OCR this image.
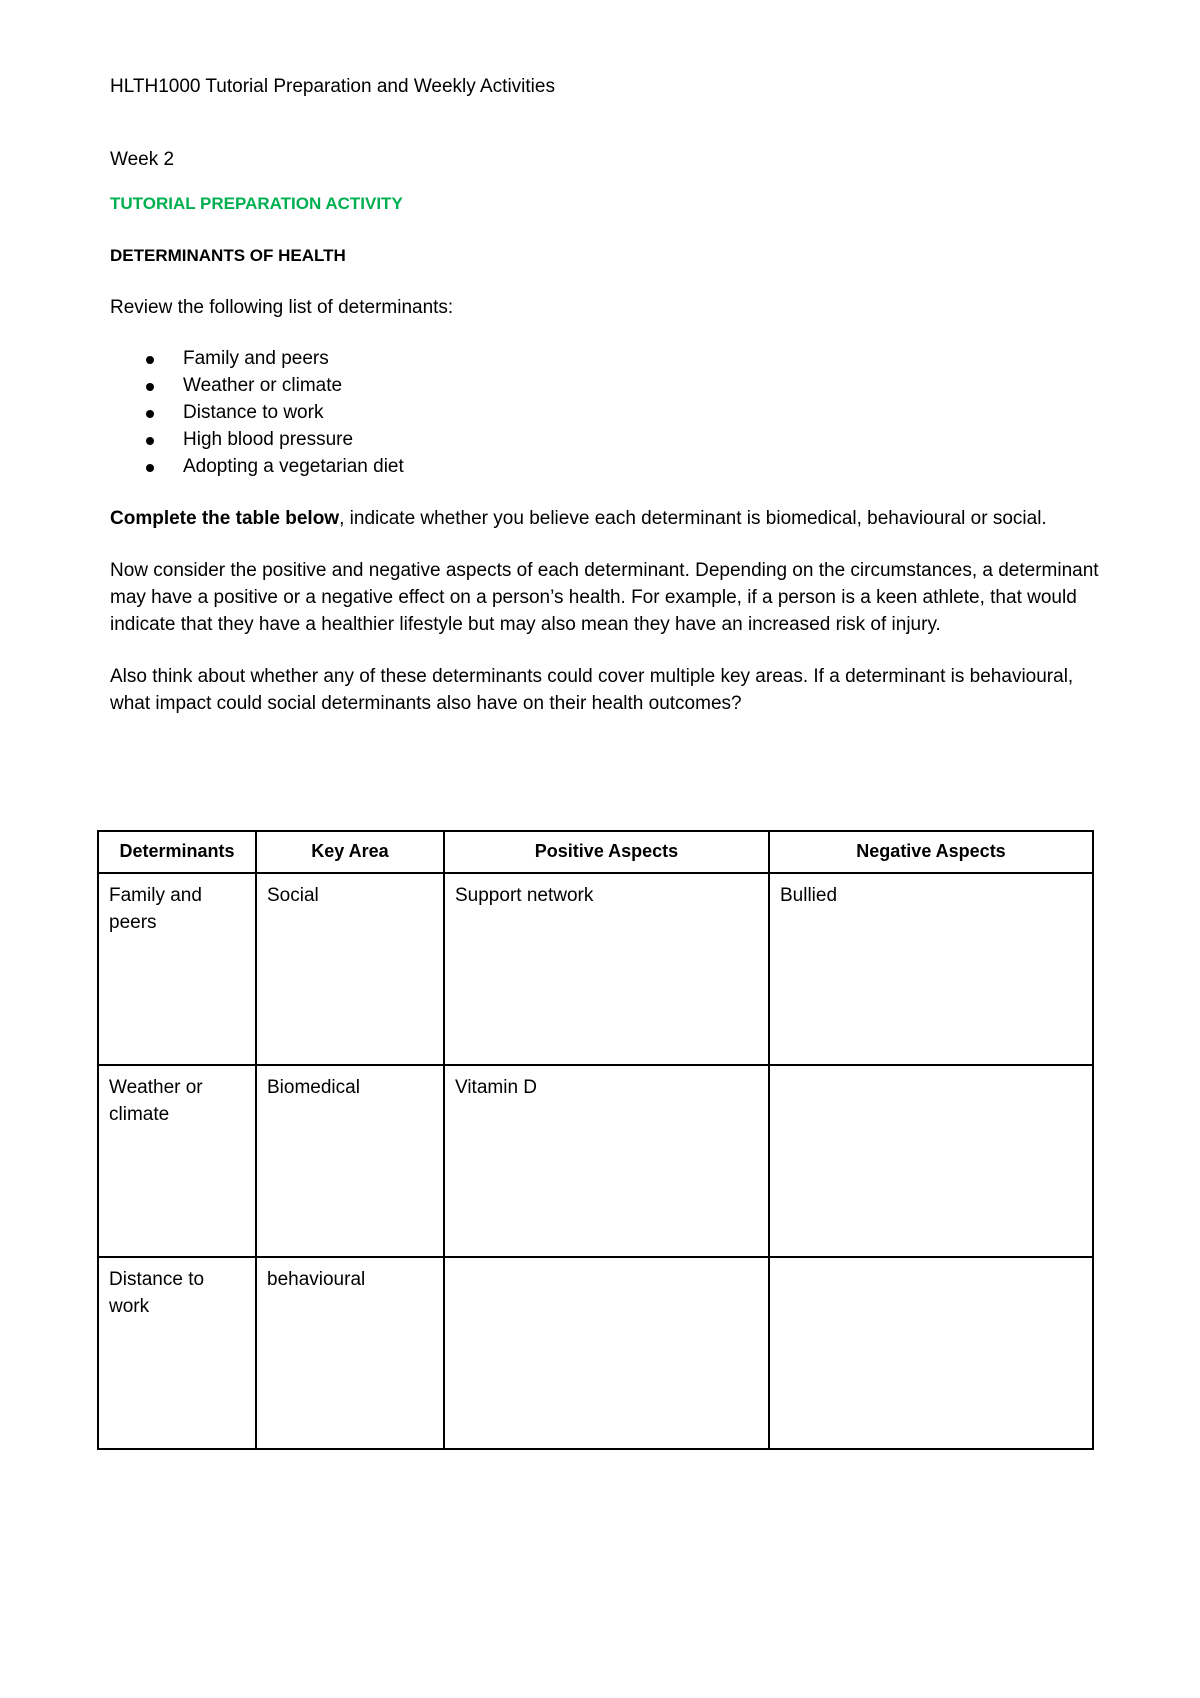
HLTH1000 Tutorial Preparation and Weekly Activities

Week 2

TUTORIAL PREPARATION ACTIVITY

DETERMINANTS OF HEALTH

Review the following list of determinants:

Family and peers
Weather or climate
Distance to work
High blood pressure
Adopting a vegetarian diet

Complete the table below, indicate whether you believe each determinant is biomedical, behavioural or social.

Now consider the positive and negative aspects of each determinant. Depending on the circumstances, a determinant may have a positive or a negative effect on a person’s health. For example, if a person is a keen athlete, that would indicate that they have a healthier lifestyle but may also mean they have an increased risk of injury.

Also think about whether any of these determinants could cover multiple key areas. If a determinant is behavioural, what impact could social determinants also have on their health outcomes?

Determinants	Key Area	Positive Aspects	Negative Aspects
Family and peers	Social	Support network	Bullied
Weather or climate	Biomedical	Vitamin D	
Distance to work	behavioural		
